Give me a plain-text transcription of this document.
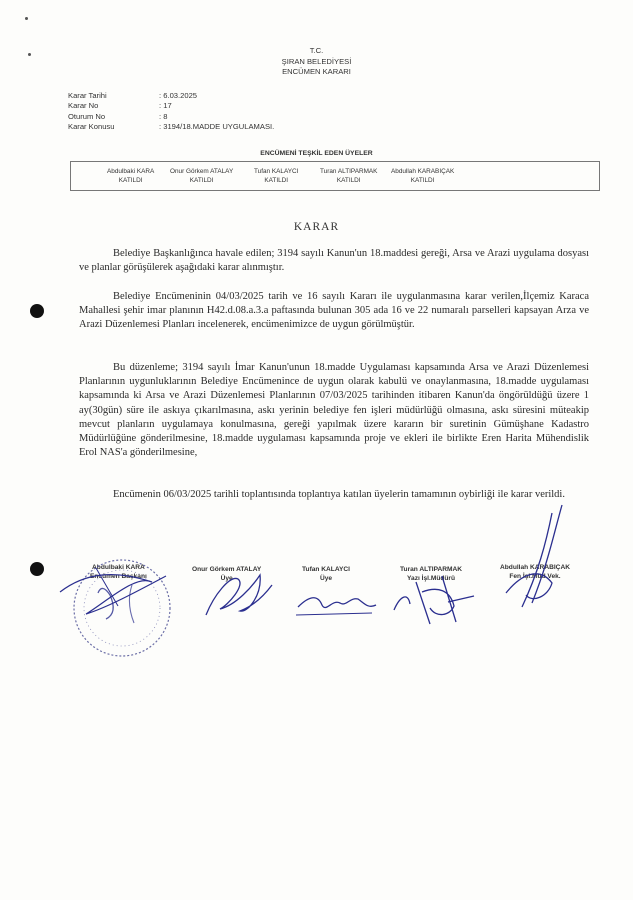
T.C.
ŞIRAN BELEDİYESİ
ENCÜMEN KARARI
Karar Tarihi	: 6.03.2025
Karar No	: 17
Oturum No	: 8
Karar Konusu	: 3194/18.MADDE UYGULAMASI.
ENCÜMENİ TEŞKİL EDEN ÜYELER
Abdulbaki KARA
KATILDI
Onur Görkem ATALAY
KATILDI
Tufan KALAYCI
KATILDI
Turan ALTIPARMAK
KATILDI
Abdullah KARABIÇAK
KATILDI
KARAR
Belediye Başkanlığınca havale edilen; 3194 sayılı Kanun'un 18.maddesi gereği, Arsa ve Arazi uygulama dosyası ve planlar görüşülerek aşağıdaki karar alınmıştır.
Belediye Encümeninin 04/03/2025 tarih ve 16 sayılı Kararı ile uygulanmasına karar verilen,İlçemiz Karaca Mahallesi şehir imar planının H42.d.08.a.3.a paftasında bulunan 305 ada 16 ve 22 numaralı parselleri kapsayan Arza ve Arazi Düzenlemesi Planları incelenerek, encümenimizce de uygun görülmüştür.
Bu düzenleme; 3194 sayılı İmar Kanun'unun 18.madde Uygulaması kapsamında Arsa ve Arazi Düzenlemesi Planlarının uygunluklarının Belediye Encümenince de uygun olarak kabulü ve onaylanmasına, 18.madde uygulaması kapsamında ki Arsa ve Arazi Düzenlemesi Planlarının 07/03/2025 tarihinden itibaren Kanun'da öngörüldüğü üzere 1 ay(30gün) süre ile askıya çıkarılmasına, askı yerinin belediye fen işleri müdürlüğü olmasına, askı süresini müteakip mevcut planların uygulamaya konulmasına, gereği yapılmak üzere kararın bir suretinin Gümüşhane Kadastro Müdürlüğüne gönderilmesine, 18.madde uygulaması kapsamında proje ve ekleri ile birlikte Eren Harita Mühendislik Erol NAS'a gönderilmesine,
Encümenin 06/03/2025 tarihli toplantısında toplantıya katılan üyelerin tamamının oybirliği ile karar verildi.
Abdulbaki KARA
Encümen Başkanı
Onur Görkem ATALAY
Üye
Tufan KALAYCI
Üye
Turan ALTIPARMAK
Yazı İşl.Müdürü
Abdullah KARABIÇAK
Fen İşl.Müd.Vek.
